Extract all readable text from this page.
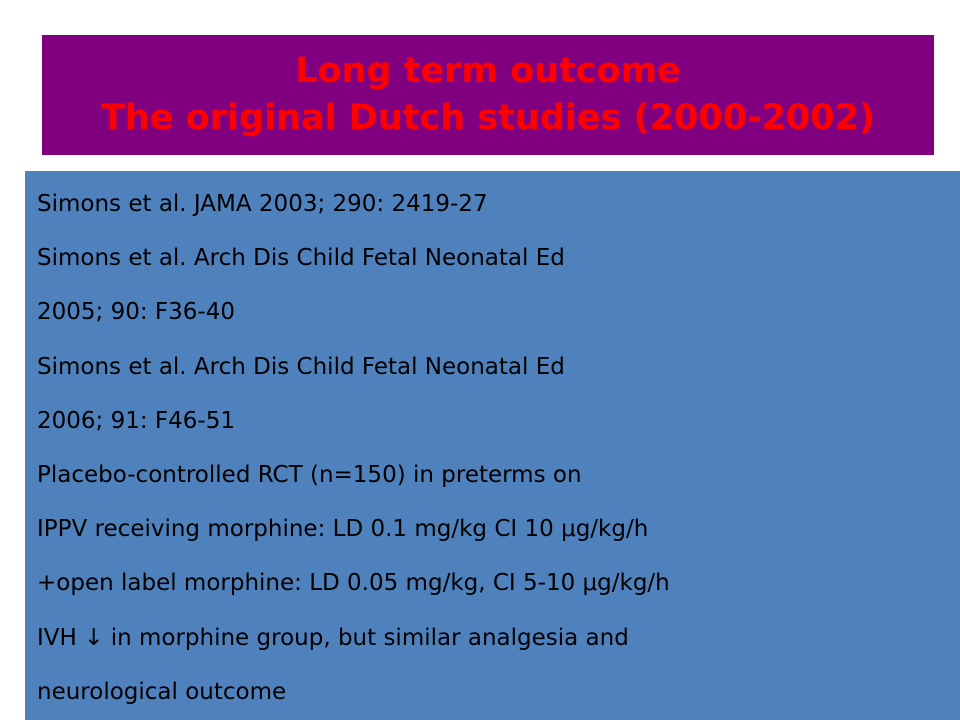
Long term outcome
The original Dutch studies (2000-2002)
Simons et al. JAMA 2003; 290: 2419-27
Simons et al. Arch Dis Child Fetal Neonatal Ed
2005; 90: F36-40
Simons et al. Arch Dis Child Fetal Neonatal Ed
2006; 91: F46-51
Placebo-controlled RCT (n=150) in preterms on
IPPV receiving morphine: LD 0.1 mg/kg CI 10 μg/kg/h
+open label morphine: LD 0.05 mg/kg, CI 5-10 μg/kg/h
IVH ↓ in morphine group, but similar analgesia and
neurological outcome
